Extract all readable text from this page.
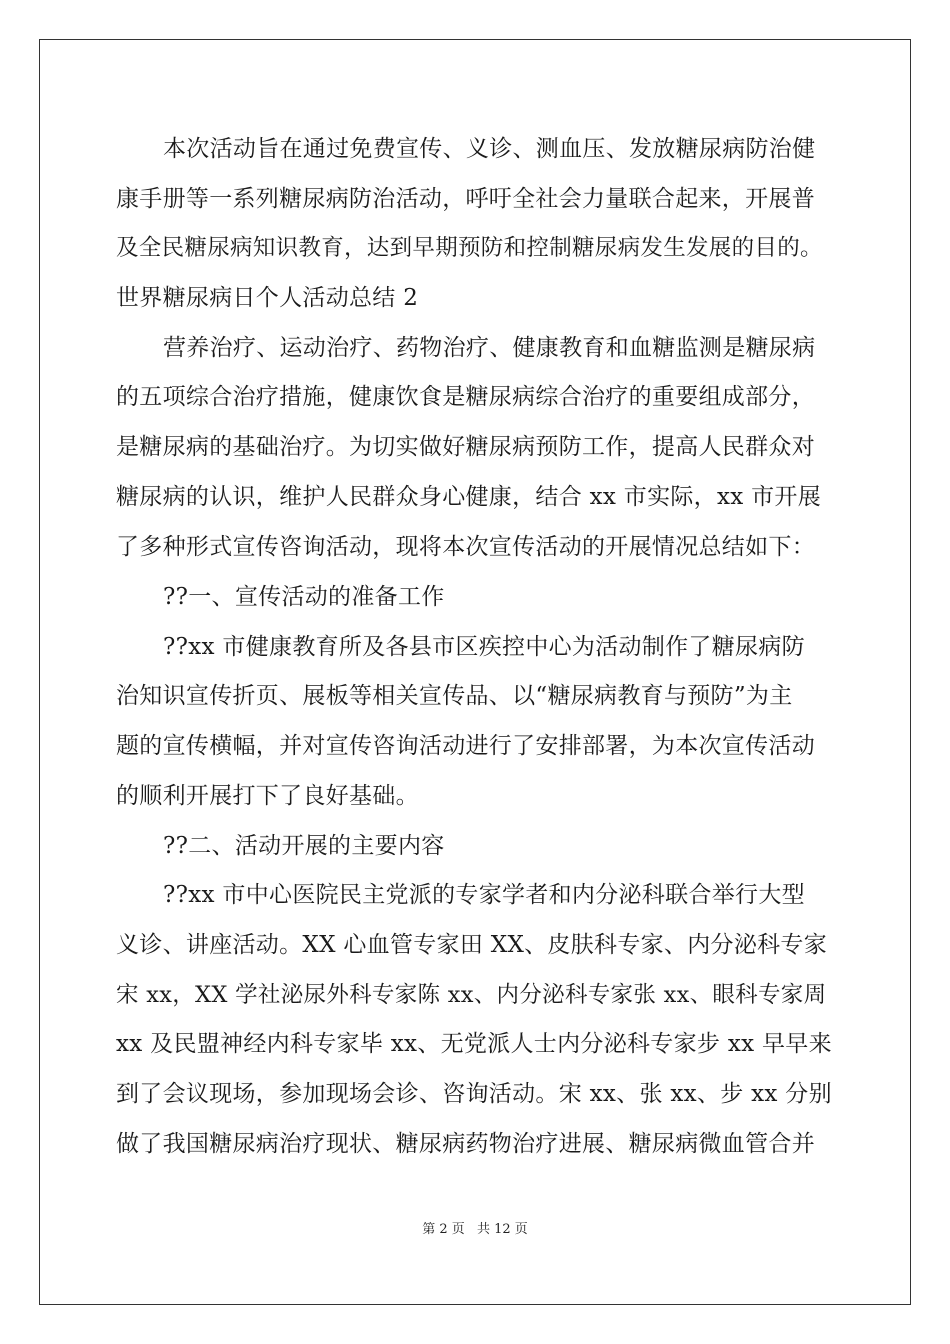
本次活动旨在通过免费宣传、义诊、测血压、发放糖尿病防治健
康手册等一系列糖尿病防治活动，呼吁全社会力量联合起来，开展普
及全民糖尿病知识教育，达到早期预防和控制糖尿病发生发展的目的。
世界糖尿病日个人活动总结 2
营养治疗、运动治疗、药物治疗、健康教育和血糖监测是糖尿病
的五项综合治疗措施，健康饮食是糖尿病综合治疗的重要组成部分，
是糖尿病的基础治疗。为切实做好糖尿病预防工作，提高人民群众对
糖尿病的认识，维护人民群众身心健康，结合 xx 市实际，xx 市开展
了多种形式宣传咨询活动，现将本次宣传活动的开展情况总结如下：
??一、宣传活动的准备工作
??xx 市健康教育所及各县市区疾控中心为活动制作了糖尿病防
治知识宣传折页、展板等相关宣传品、以“糖尿病教育与预防”为主
题的宣传横幅，并对宣传咨询活动进行了安排部署，为本次宣传活动
的顺利开展打下了良好基础。
??二、活动开展的主要内容
??xx 市中心医院民主党派的专家学者和内分泌科联合举行大型
义诊、讲座活动。XX 心血管专家田 XX、皮肤科专家、内分泌科专家
宋 xx，XX 学社泌尿外科专家陈 xx、内分泌科专家张 xx、眼科专家周
xx 及民盟神经内科专家毕 xx、无党派人士内分泌科专家步 xx 早早来
到了会议现场，参加现场会诊、咨询活动。宋 xx、张 xx、步 xx 分别
做了我国糖尿病治疗现状、糖尿病药物治疗进展、糖尿病微血管合并
第 2 页 共 12 页
